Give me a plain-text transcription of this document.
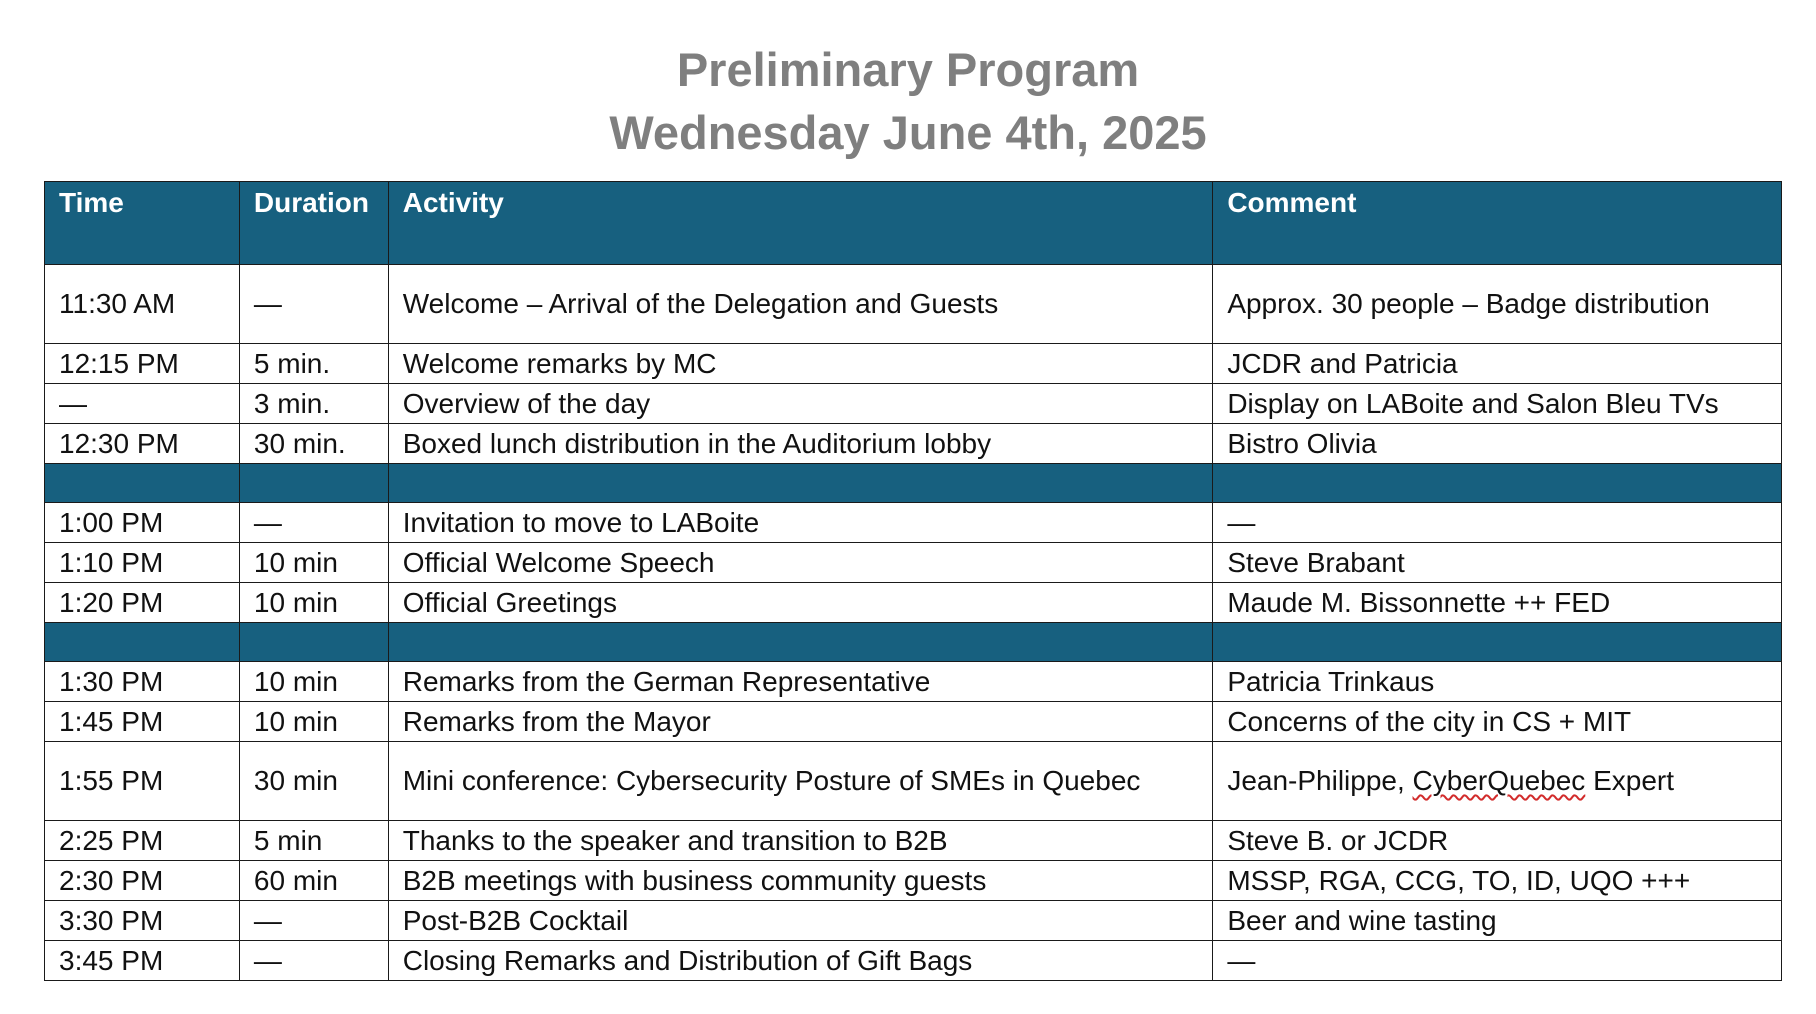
Preliminary Program
Wednesday June 4th, 2025
Time	Duration	Activity	Comment
11:30 AM	—	Welcome – Arrival of the Delegation and Guests	Approx. 30 people – Badge distribution
12:15 PM	5 min.	Welcome remarks by MC	JCDR and Patricia
—	3 min.	Overview of the day	Display on LABoite and Salon Bleu TVs
12:30 PM	30 min.	Boxed lunch distribution in the Auditorium lobby	Bistro Olivia

1:00 PM	—	Invitation to move to LABoite	—
1:10 PM	10 min	Official Welcome Speech	Steve Brabant
1:20 PM	10 min	Official Greetings	Maude M. Bissonnette ++ FED

1:30 PM	10 min	Remarks from the German Representative	Patricia Trinkaus
1:45 PM	10 min	Remarks from the Mayor	Concerns of the city in CS + MIT
1:55 PM	30 min	Mini conference: Cybersecurity Posture of SMEs in Quebec	Jean-Philippe, CyberQuebec Expert
2:25 PM	5 min	Thanks to the speaker and transition to B2B	Steve B. or JCDR
2:30 PM	60 min	B2B meetings with business community guests	MSSP, RGA, CCG, TO, ID, UQO +++
3:30 PM	—	Post-B2B Cocktail	Beer and wine tasting
3:45 PM	—	Closing Remarks and Distribution of Gift Bags	—
